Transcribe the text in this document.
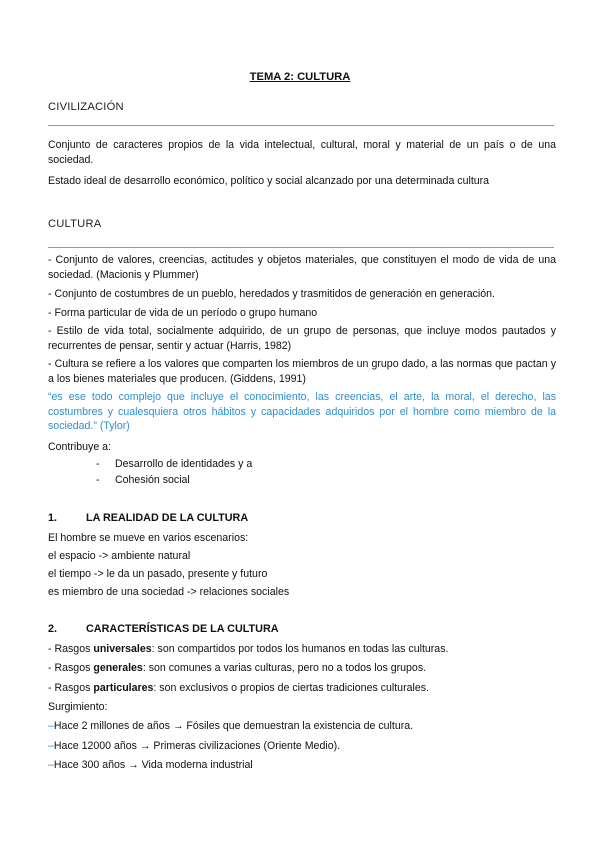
TEMA 2: CULTURA
CIVILIZACIÓN
Conjunto de caracteres propios de la vida intelectual, cultural, moral y material de un país o de una sociedad.
Estado ideal de desarrollo económico, político y social alcanzado por una determinada cultura
CULTURA
- Conjunto de valores, creencias, actitudes y objetos materiales, que constituyen el modo de vida de una sociedad. (Macionis y Plummer)
- Conjunto de costumbres de un pueblo, heredados y trasmitidos de generación en generación.
- Forma particular de vida de un período o grupo humano
- Estilo de vida total, socialmente adquirido, de un grupo de personas, que incluye modos pautados y recurrentes de pensar, sentir y actuar (Harris, 1982)
- Cultura se refiere a los valores que comparten los miembros de un grupo dado, a las normas que pactan y a los bienes materiales que producen. (Giddens, 1991)
“es ese todo complejo que incluye el conocimiento, las creencias, el arte, la moral, el derecho, las costumbres y cualesquiera otros hábitos y capacidades adquiridos por el hombre como miembro de la sociedad.” (Tylor)
Contribuye a:
- Desarrollo de identidades y a
- Cohesión social
1.	LA REALIDAD DE LA CULTURA
El hombre se mueve en varios escenarios:
el espacio -> ambiente natural
el tiempo -> le da un pasado, presente y futuro
es miembro de una sociedad -> relaciones sociales
2.	CARACTERÍSTICAS DE LA CULTURA
- Rasgos universales: son compartidos por todos los humanos en todas las culturas.
- Rasgos generales: son comunes a varias culturas, pero no a todos los grupos.
- Rasgos particulares: son exclusivos o propios de ciertas tradiciones culturales.
Surgimiento:
–Hace 2 millones de años → Fósiles que demuestran la existencia de cultura.
–Hace 12000 años → Primeras civilizaciones (Oriente Medio).
–Hace 300 años → Vida moderna industrial
